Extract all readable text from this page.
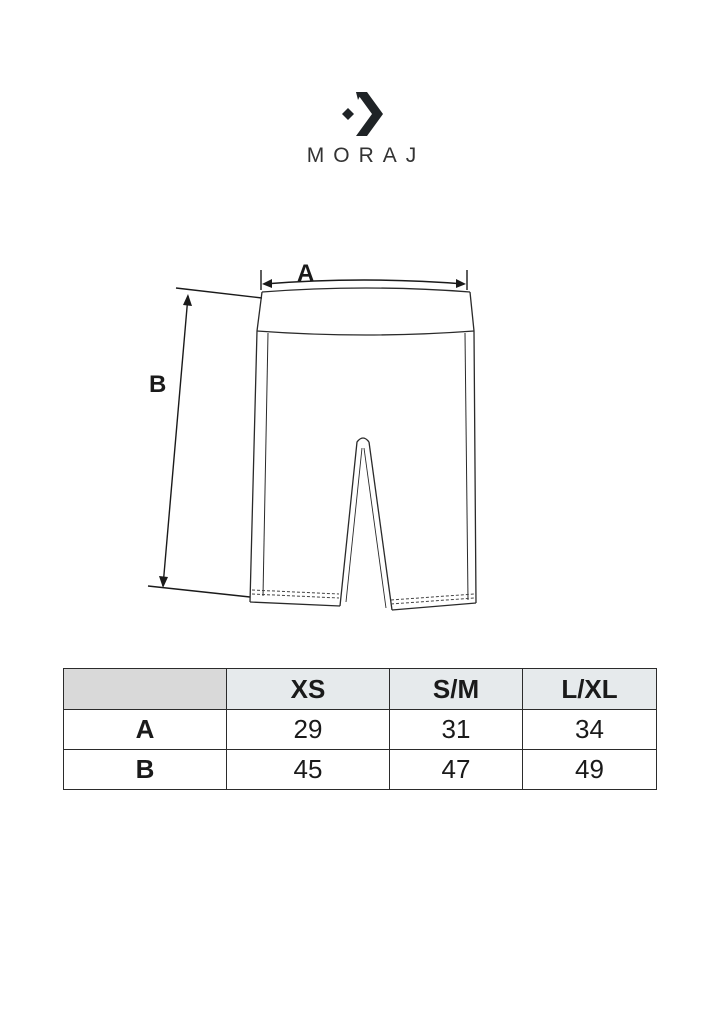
MORAJ
A
B
	XS	S/M	L/XL
A	29	31	34
B	45	47	49
